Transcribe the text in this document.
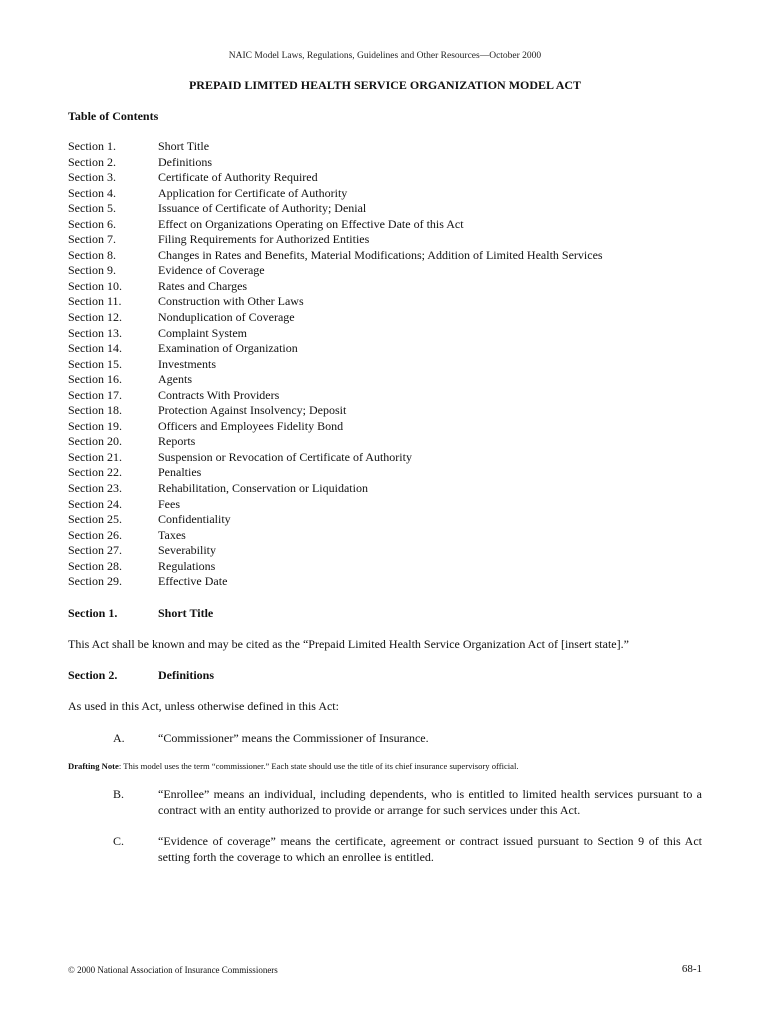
NAIC Model Laws, Regulations, Guidelines and Other Resources—October 2000
PREPAID LIMITED HEALTH SERVICE ORGANIZATION MODEL ACT
Table of Contents
Section 1.	Short Title
Section 2.	Definitions
Section 3.	Certificate of Authority Required
Section 4.	Application for Certificate of Authority
Section 5.	Issuance of Certificate of Authority; Denial
Section 6.	Effect on Organizations Operating on Effective Date of this Act
Section 7.	Filing Requirements for Authorized Entities
Section 8.	Changes in Rates and Benefits, Material Modifications; Addition of Limited Health Services
Section 9.	Evidence of Coverage
Section 10.	Rates and Charges
Section 11.	Construction with Other Laws
Section 12.	Nonduplication of Coverage
Section 13.	Complaint System
Section 14.	Examination of Organization
Section 15.	Investments
Section 16.	Agents
Section 17.	Contracts With Providers
Section 18.	Protection Against Insolvency; Deposit
Section 19.	Officers and Employees Fidelity Bond
Section 20.	Reports
Section 21.	Suspension or Revocation of Certificate of Authority
Section 22.	Penalties
Section 23.	Rehabilitation, Conservation or Liquidation
Section 24.	Fees
Section 25.	Confidentiality
Section 26.	Taxes
Section 27.	Severability
Section 28.	Regulations
Section 29.	Effective Date
Section 1.	Short Title
This Act shall be known and may be cited as the “Prepaid Limited Health Service Organization Act of [insert state].”
Section 2.	Definitions
As used in this Act, unless otherwise defined in this Act:
A.	“Commissioner” means the Commissioner of Insurance.
Drafting Note: This model uses the term “commissioner.” Each state should use the title of its chief insurance supervisory official.
B.	“Enrollee” means an individual, including dependents, who is entitled to limited health services pursuant to a contract with an entity authorized to provide or arrange for such services under this Act.
C.	“Evidence of coverage” means the certificate, agreement or contract issued pursuant to Section 9 of this Act setting forth the coverage to which an enrollee is entitled.
© 2000 National Association of Insurance Commissioners	68-1
